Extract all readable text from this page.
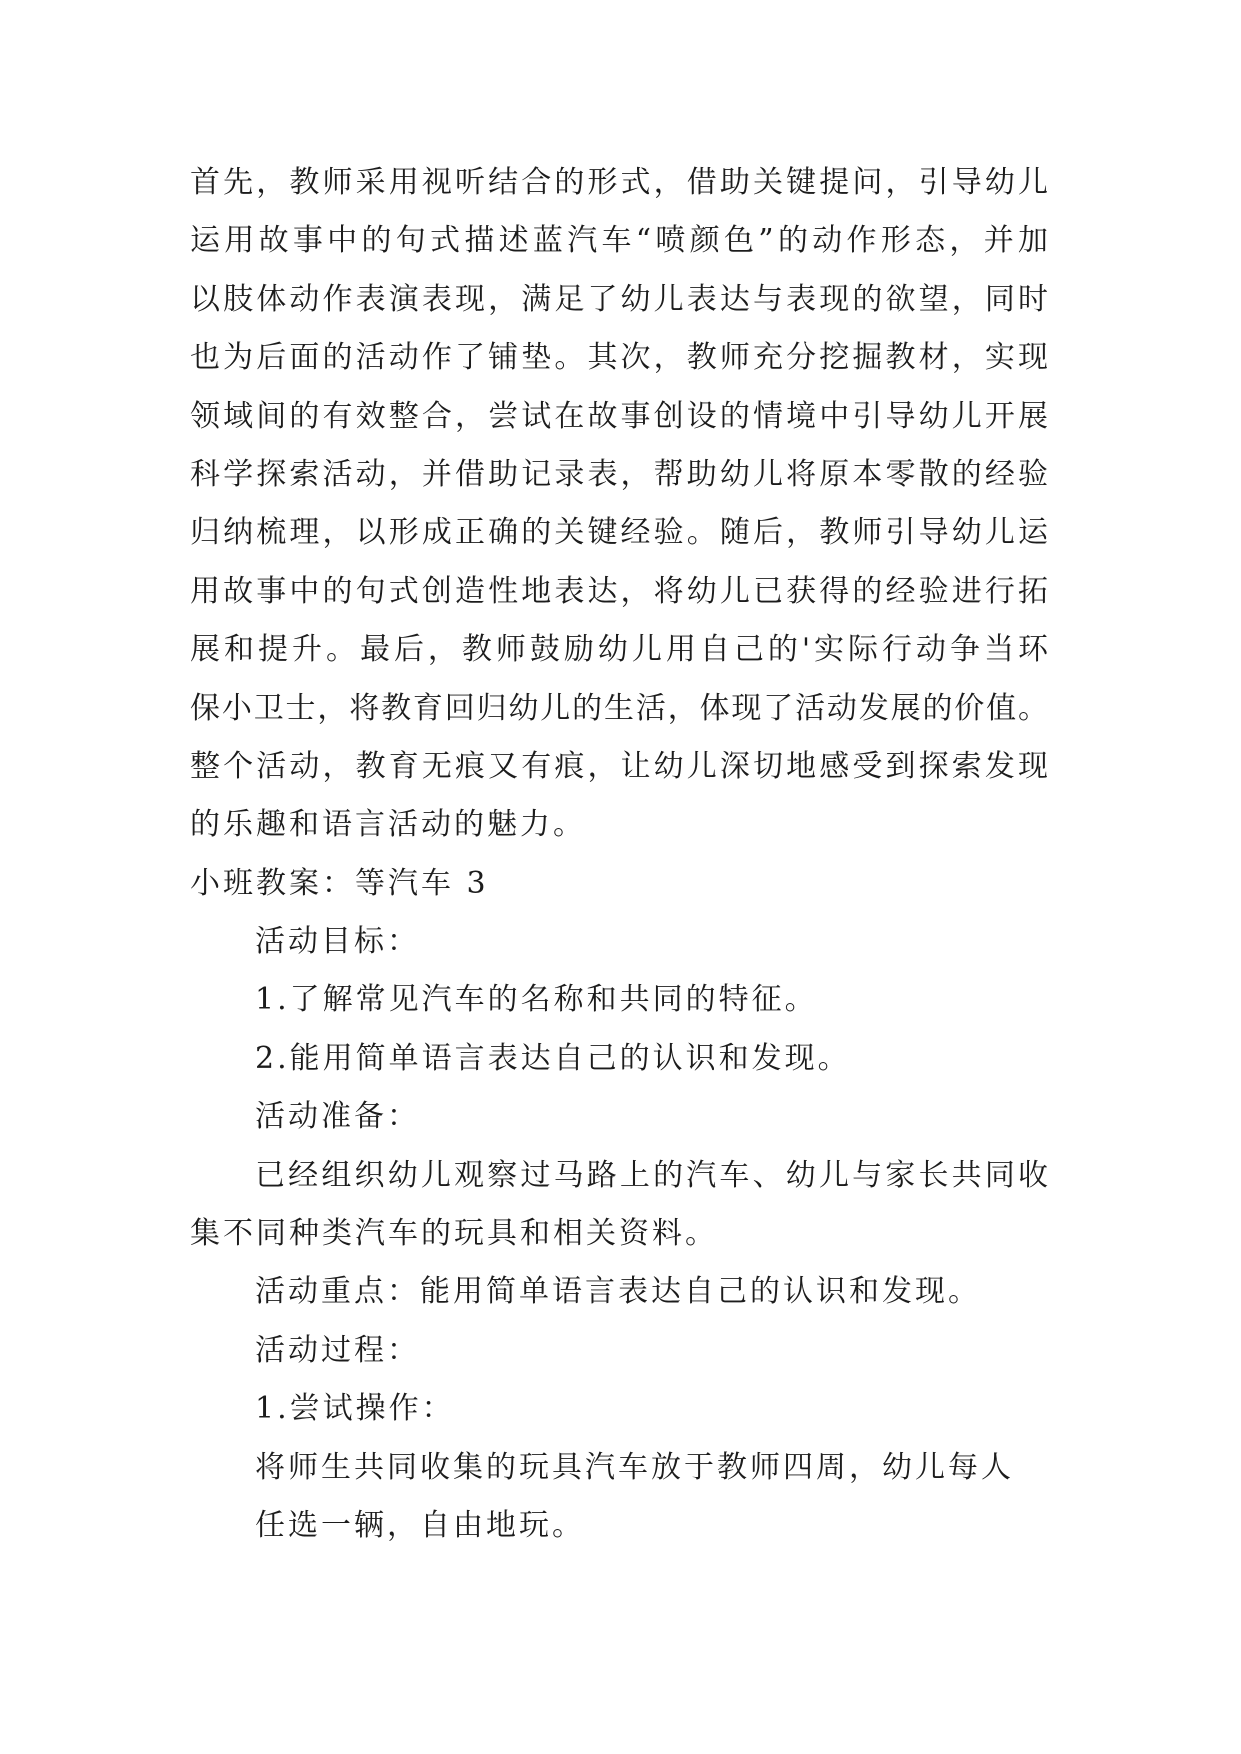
首先，教师采用视听结合的形式，借助关键提问，引导幼儿
运用故事中的句式描述蓝汽车“喷颜色”的动作形态，并加
以肢体动作表演表现，满足了幼儿表达与表现的欲望，同时
也为后面的活动作了铺垫。其次，教师充分挖掘教材，实现
领域间的有效整合，尝试在故事创设的情境中引导幼儿开展
科学探索活动，并借助记录表，帮助幼儿将原本零散的经验
归纳梳理，以形成正确的关键经验。随后，教师引导幼儿运
用故事中的句式创造性地表达，将幼儿已获得的经验进行拓
展和提升。最后，教师鼓励幼儿用自己的'实际行动争当环
保小卫士，将教育回归幼儿的生活，体现了活动发展的价值。
整个活动，教育无痕又有痕，让幼儿深切地感受到探索发现
的乐趣和语言活动的魅力。
小班教案：等汽车 3
活动目标：
1.了解常见汽车的名称和共同的特征。
2.能用简单语言表达自己的认识和发现。
活动准备：
已经组织幼儿观察过马路上的汽车、幼儿与家长共同收
集不同种类汽车的玩具和相关资料。
活动重点：能用简单语言表达自己的认识和发现。
活动过程：
1.尝试操作：
将师生共同收集的玩具汽车放于教师四周，幼儿每人
任选一辆，自由地玩。
